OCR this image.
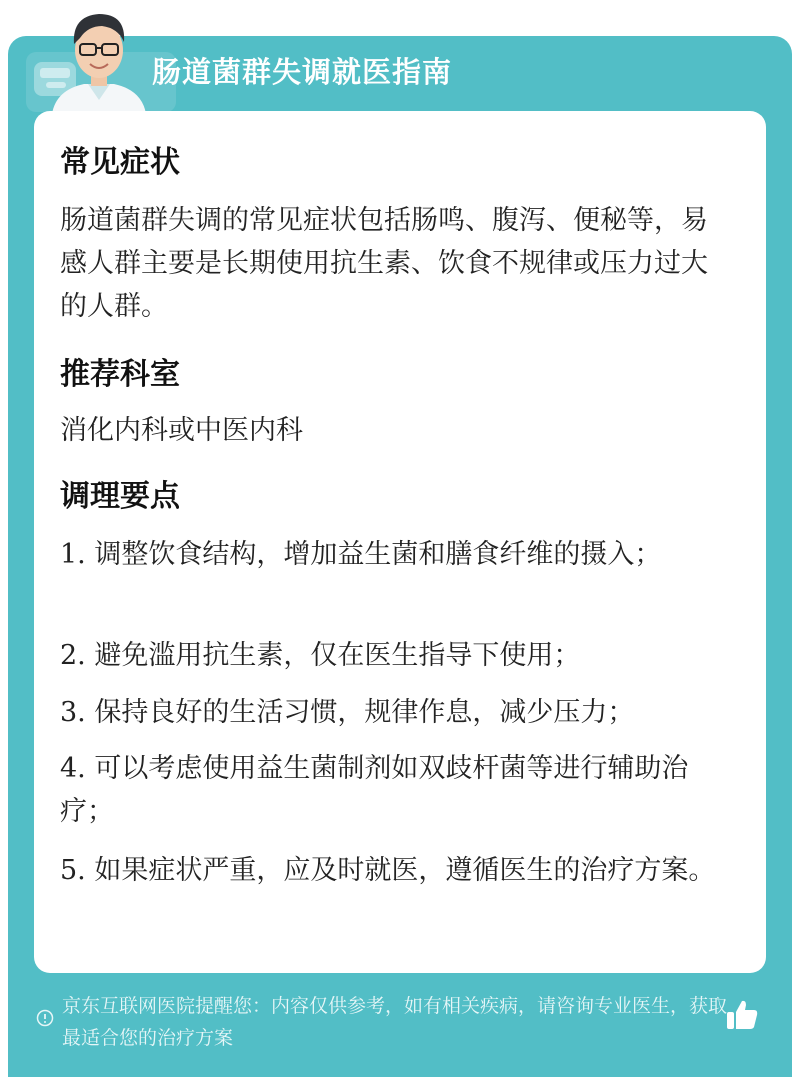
肠道菌群失调就医指南
常见症状

肠道菌群失调的常见症状包括肠鸣、腹泻、便秘等，易感人群主要是长期使用抗生素、饮食不规律或压力过大的人群。

推荐科室

消化内科或中医内科

调理要点

1. 调整饮食结构，增加益生菌和膳食纤维的摄入；

2. 避免滥用抗生素，仅在医生指导下使用；

3. 保持良好的生活习惯，规律作息，减少压力；

4. 可以考虑使用益生菌制剂如双歧杆菌等进行辅助治疗；

5. 如果症状严重，应及时就医，遵循医生的治疗方案。

京东互联网医院提醒您：内容仅供参考，如有相关疾病，请咨询专业医生，获取最适合您的治疗方案
